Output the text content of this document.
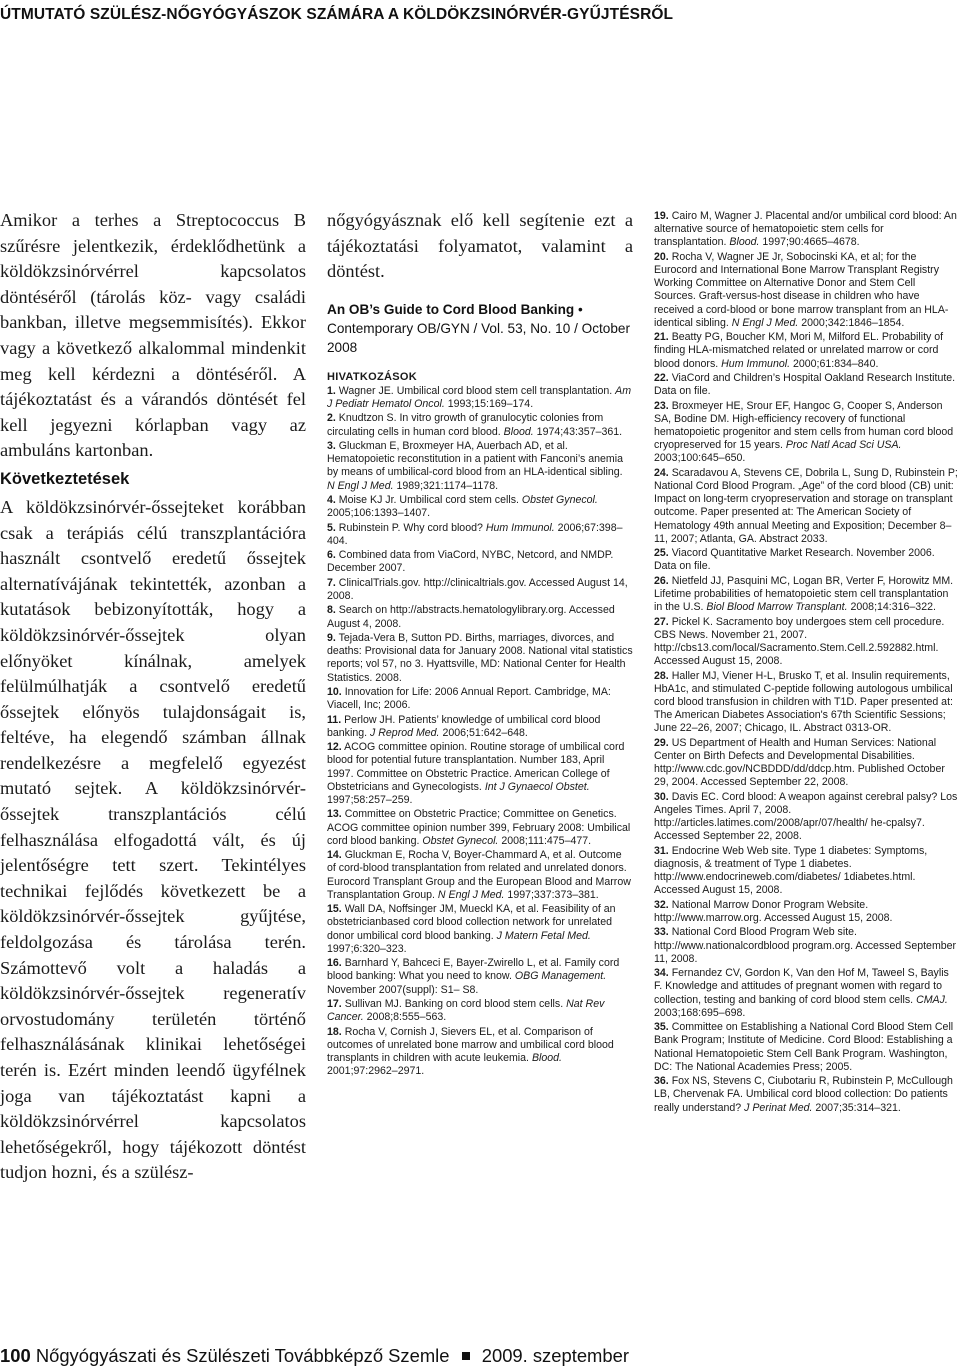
ÚTMUTATÓ SZÜLÉSZ-NŐGYÓGYÁSZOK SZÁMÁRA A KÖLDÖKZSINÓRVÉR-GYŰJTÉSRŐL

Amikor a terhes a Streptococcus B szűrésre jelentkezik, érdeklődhetünk a köldökzsinórvérrel kapcsolatos döntéséről (tárolás köz- vagy családi bankban, illetve megsemmisítés). Ekkor vagy a következő alkalommal mindenkit meg kell kérdezni a döntéséről. A tájékoztatást és a várandós döntését fel kell jegyezni kórlapban vagy az ambuláns kartonban.

Következtetések

A köldökzsinórvér-őssejteket korábban csak a terápiás célú transzplantációra használt csontvelő eredetű őssejtek alternatívájának tekintették, azonban a kutatások bebizonyították, hogy a köldökzsinórvér-őssejtek olyan előnyöket kínálnak, amelyek felülmúlhatják a csontvelő eredetű őssejtek előnyös tulajdonságait is, feltéve, ha elegendő számban állnak rendelkezésre a megfelelő egyezést mutató sejtek. A köldökzsinórvér-őssejtek transzplantációs célú felhasználása elfogadottá vált, és új jelentőségre tett szert. Tekintélyes technikai fejlődés következett be a köldökzsinórvér-őssejtek gyűjtése, feldolgozása és tárolása terén. Számottevő volt a haladás a köldökzsinórvér-őssejtek regeneratív orvostudomány területén történő felhasználásának klinikai lehetőségei terén is. Ezért minden leendő ügyfélnek joga van tájékoztatást kapni a köldökzsinórvérrel kapcsolatos lehetőségekről, hogy tájékozott döntést tudjon hozni, és a szülész-

nőgyógyásznak elő kell segítenie ezt a tájékoztatási folyamatot, valamint a döntést.

An OB’s Guide to Cord Blood Banking • Contemporary OB/GYN / Vol. 53, No. 10 / October 2008

HIVATKOZÁSOK

1. Wagner JE. Umbilical cord blood stem cell transplantation. Am J Pediatr Hematol Oncol. 1993;15:169–174.

2. Knudtzon S. In vitro growth of granulocytic colonies from circulating cells in human cord blood. Blood. 1974;43:357–361.

3. Gluckman E, Broxmeyer HA, Auerbach AD, et al. Hematopoietic reconstitution in a patient with Fanconi’s anemia by means of umbilical-cord blood from an HLA-identical sibling. N Engl J Med. 1989;321:1174–1178.

4. Moise KJ Jr. Umbilical cord stem cells. Obstet Gynecol. 2005;106:1393–1407.

5. Rubinstein P. Why cord blood? Hum Immunol. 2006;67:398–404.

6. Combined data from ViaCord, NYBC, Netcord, and NMDP. December 2007.

7. ClinicalTrials.gov. http://clinicaltrials.gov. Accessed August 14, 2008.

8. Search on http://abstracts.hematologylibrary.org. Accessed August 4, 2008.

9. Tejada-Vera B, Sutton PD. Births, marriages, divorces, and deaths: Provisional data for January 2008. National vital statistics reports; vol 57, no 3. Hyattsville, MD: National Center for Health Statistics. 2008.

10. Innovation for Life: 2006 Annual Report. Cambridge, MA: Viacell, Inc; 2006.

11. Perlow JH. Patients’ knowledge of umbilical cord blood banking. J Reprod Med. 2006;51:642–648.

12. ACOG committee opinion. Routine storage of umbilical cord blood for potential future transplantation. Number 183, April 1997. Committee on Obstetric Practice. American College of Obstetricians and Gynecologists. Int J Gynaecol Obstet. 1997;58:257–259.

13. Committee on Obstetric Practice; Committee on Genetics. ACOG committee opinion number 399, February 2008: Umbilical cord blood banking. Obstet Gynecol. 2008;111:475–477.

14. Gluckman E, Rocha V, Boyer-Chammard A, et al. Outcome of cord-blood transplantation from related and unrelated donors. Eurocord Transplant Group and the European Blood and Marrow Transplantation Group. N Engl J Med. 1997;337:373–381.

15. Wall DA, Noffsinger JM, Mueckl KA, et al. Feasibility of an obstetricianbased cord blood collection network for unrelated donor umbilical cord blood banking. J Matern Fetal Med. 1997;6:320–323.

16. Barnhard Y, Bahceci E, Bayer-Zwirello L, et al. Family cord blood banking: What you need to know. OBG Management. November 2007(suppl): S1– S8.

17. Sullivan MJ. Banking on cord blood stem cells. Nat Rev Cancer. 2008;8:555–563.

18. Rocha V, Cornish J, Sievers EL, et al. Comparison of outcomes of unrelated bone marrow and umbilical cord blood transplants in children with acute leukemia. Blood. 2001;97:2962–2971.

19. Cairo M, Wagner J. Placental and/or umbilical cord blood: An alternative source of hematopoietic stem cells for transplantation. Blood. 1997;90:4665–4678.

20. Rocha V, Wagner JE Jr, Sobocinski KA, et al; for the Eurocord and International Bone Marrow Transplant Registry Working Committee on Alternative Donor and Stem Cell Sources. Graft-versus-host disease in children who have received a cord-blood or bone marrow transplant from an HLA-identical sibling. N Engl J Med. 2000;342:1846–1854.

21. Beatty PG, Boucher KM, Mori M, Milford EL. Probability of finding HLA-mismatched related or unrelated marrow or cord blood donors. Hum Immunol. 2000;61:834–840.

22. ViaCord and Children’s Hospital Oakland Research Institute. Data on file.

23. Broxmeyer HE, Srour EF, Hangoc G, Cooper S, Anderson SA, Bodine DM. High-efficiency recovery of functional hematopoietic progenitor and stem cells from human cord blood cryopreserved for 15 years. Proc Natl Acad Sci USA. 2003;100:645–650.

24. Scaradavou A, Stevens CE, Dobrila L, Sung D, Rubinstein P; National Cord Blood Program. „Age” of the cord blood (CB) unit: Impact on long-term cryopreservation and storage on transplant outcome. Paper presented at: The American Society of Hematology 49th annual Meeting and Exposition; December 8–11, 2007; Atlanta, GA. Abstract 2033.

25. Viacord Quantitative Market Research. November 2006. Data on file.

26. Nietfeld JJ, Pasquini MC, Logan BR, Verter F, Horowitz MM. Lifetime probabilities of hematopoietic stem cell transplantation in the U.S. Biol Blood Marrow Transplant. 2008;14:316–322.

27. Pickel K. Sacramento boy undergoes stem cell procedure. CBS News. November 21, 2007. http://cbs13.com/local/Sacramento.Stem.Cell.2.592882.html. Accessed August 15, 2008.

28. Haller MJ, Viener H-L, Brusko T, et al. Insulin requirements, HbA1c, and stimulated C-peptide following autologous umbilical cord blood transfusion in children with T1D. Paper presented at: The American Diabetes Association's 67th Scientific Sessions; June 22–26, 2007; Chicago, IL. Abstract 0313-OR.

29. US Department of Health and Human Services: National Center on Birth Defects and Developmental Disabilities. http://www.cdc.gov/NCBDDD/dd/ddcp.htm. Published October 29, 2004. Accessed September 22, 2008.

30. Davis EC. Cord blood: A weapon against cerebral palsy? Los Angeles Times. April 7, 2008. http://articles.latimes.com/2008/apr/07/health/ he-cpalsy7. Accessed September 22, 2008.

31. Endocrine Web Web site. Type 1 diabetes: Symptoms, diagnosis, & treatment of Type 1 diabetes. http://www.endocrineweb.com/diabetes/ 1diabetes.html. Accessed August 15, 2008.

32. National Marrow Donor Program Website. http://www.marrow.org. Accessed August 15, 2008.

33. National Cord Blood Program Web site. http://www.nationalcordblood program.org. Accessed September 11, 2008.

34. Fernandez CV, Gordon K, Van den Hof M, Taweel S, Baylis F. Knowledge and attitudes of pregnant women with regard to collection, testing and banking of cord blood stem cells. CMAJ. 2003;168:695–698.

35. Committee on Establishing a National Cord Blood Stem Cell Bank Program; Institute of Medicine. Cord Blood: Establishing a National Hematopoietic Stem Cell Bank Program. Washington, DC: The National Academies Press; 2005.

36. Fox NS, Stevens C, Ciubotariu R, Rubinstein P, McCullough LB, Chervenak FA. Umbilical cord blood collection: Do patients really understand? J Perinat Med. 2007;35:314–321.

100 Nőgyógyászati és Szülészeti Továbbképző Szemle 2009. szeptember
